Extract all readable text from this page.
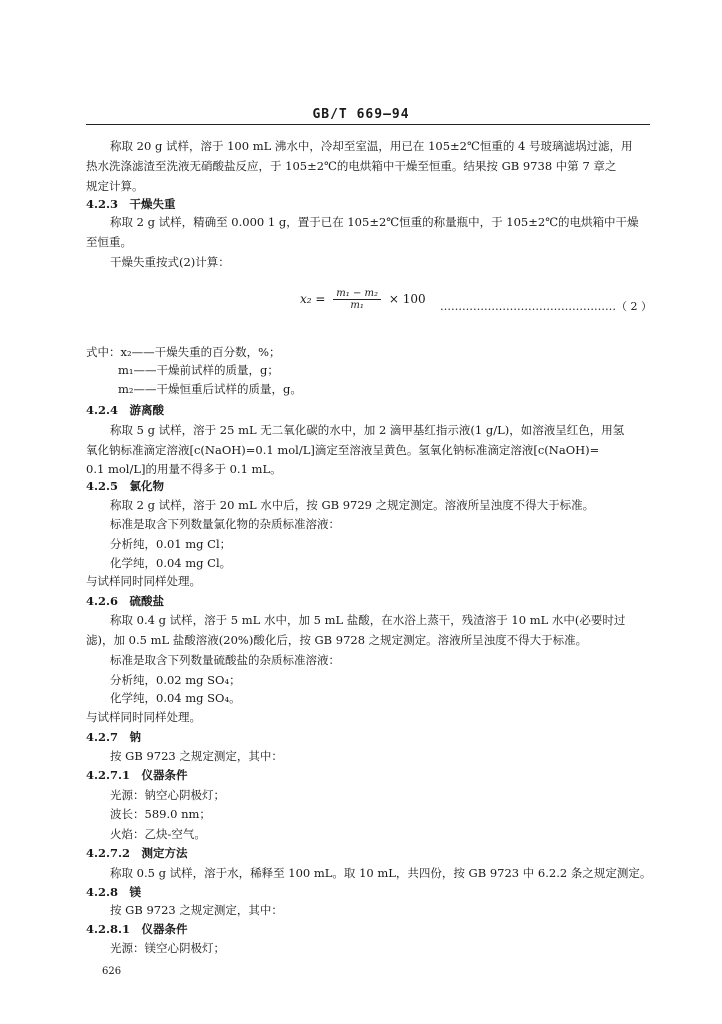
GB/T 669—94
称取 20 g 试样，溶于 100 mL 沸水中，冷却至室温，用已在 105±2℃恒重的 4 号玻璃滤埚过滤，用
热水洗涤滤渣至洗液无硝酸盐反应，于 105±2℃的电烘箱中干燥至恒重。结果按 GB 9738 中第 7 章之
规定计算。
4.2.3　干燥失重
称取 2 g 试样，精确至 0.000 1 g，置于已在 105±2℃恒重的称量瓶中，于 105±2℃的电烘箱中干燥
至恒重。
干燥失重按式(2)计算：
$x_2 = \frac{\text{m₁ − m₂}}{\text{m₁}} \times 100$
…………………………………………（ 2 ）
式中：x₂——干燥失重的百分数，%；
m₁——干燥前试样的质量，g；
m₂——干燥恒重后试样的质量，g。
4.2.4　游离酸
称取 5 g 试样，溶于 25 mL 无二氧化碳的水中，加 2 滴甲基红指示液(1 g/L)，如溶液呈红色，用氢
氧化钠标准滴定溶液[c(NaOH)=0.1 mol/L]滴定至溶液呈黄色。氢氧化钠标准滴定溶液[c(NaOH)=
0.1 mol/L]的用量不得多于 0.1 mL。
4.2.5　氯化物
称取 2 g 试样，溶于 20 mL 水中后，按 GB 9729 之规定测定。溶液所呈浊度不得大于标准。
标准是取含下列数量氯化物的杂质标准溶液：
分析纯，0.01 mg Cl；
化学纯，0.04 mg Cl。
与试样同时同样处理。
4.2.6　硫酸盐
称取 0.4 g 试样，溶于 5 mL 水中，加 5 mL 盐酸，在水浴上蒸干，残渣溶于 10 mL 水中(必要时过
滤)，加 0.5 mL 盐酸溶液(20%)酸化后，按 GB 9728 之规定测定。溶液所呈浊度不得大于标准。
标准是取含下列数量硫酸盐的杂质标准溶液：
分析纯，0.02 mg SO₄；
化学纯，0.04 mg SO₄。
与试样同时同样处理。
4.2.7　钠
按 GB 9723 之规定测定，其中：
4.2.7.1　仪器条件
光源：钠空心阴极灯；
波长：589.0 nm；
火焰：乙炔-空气。
4.2.7.2　测定方法
称取 0.5 g 试样，溶于水，稀释至 100 mL。取 10 mL，共四份，按 GB 9723 中 6.2.2 条之规定测定。
4.2.8　镁
按 GB 9723 之规定测定，其中：
4.2.8.1　仪器条件
光源：镁空心阴极灯；
626
